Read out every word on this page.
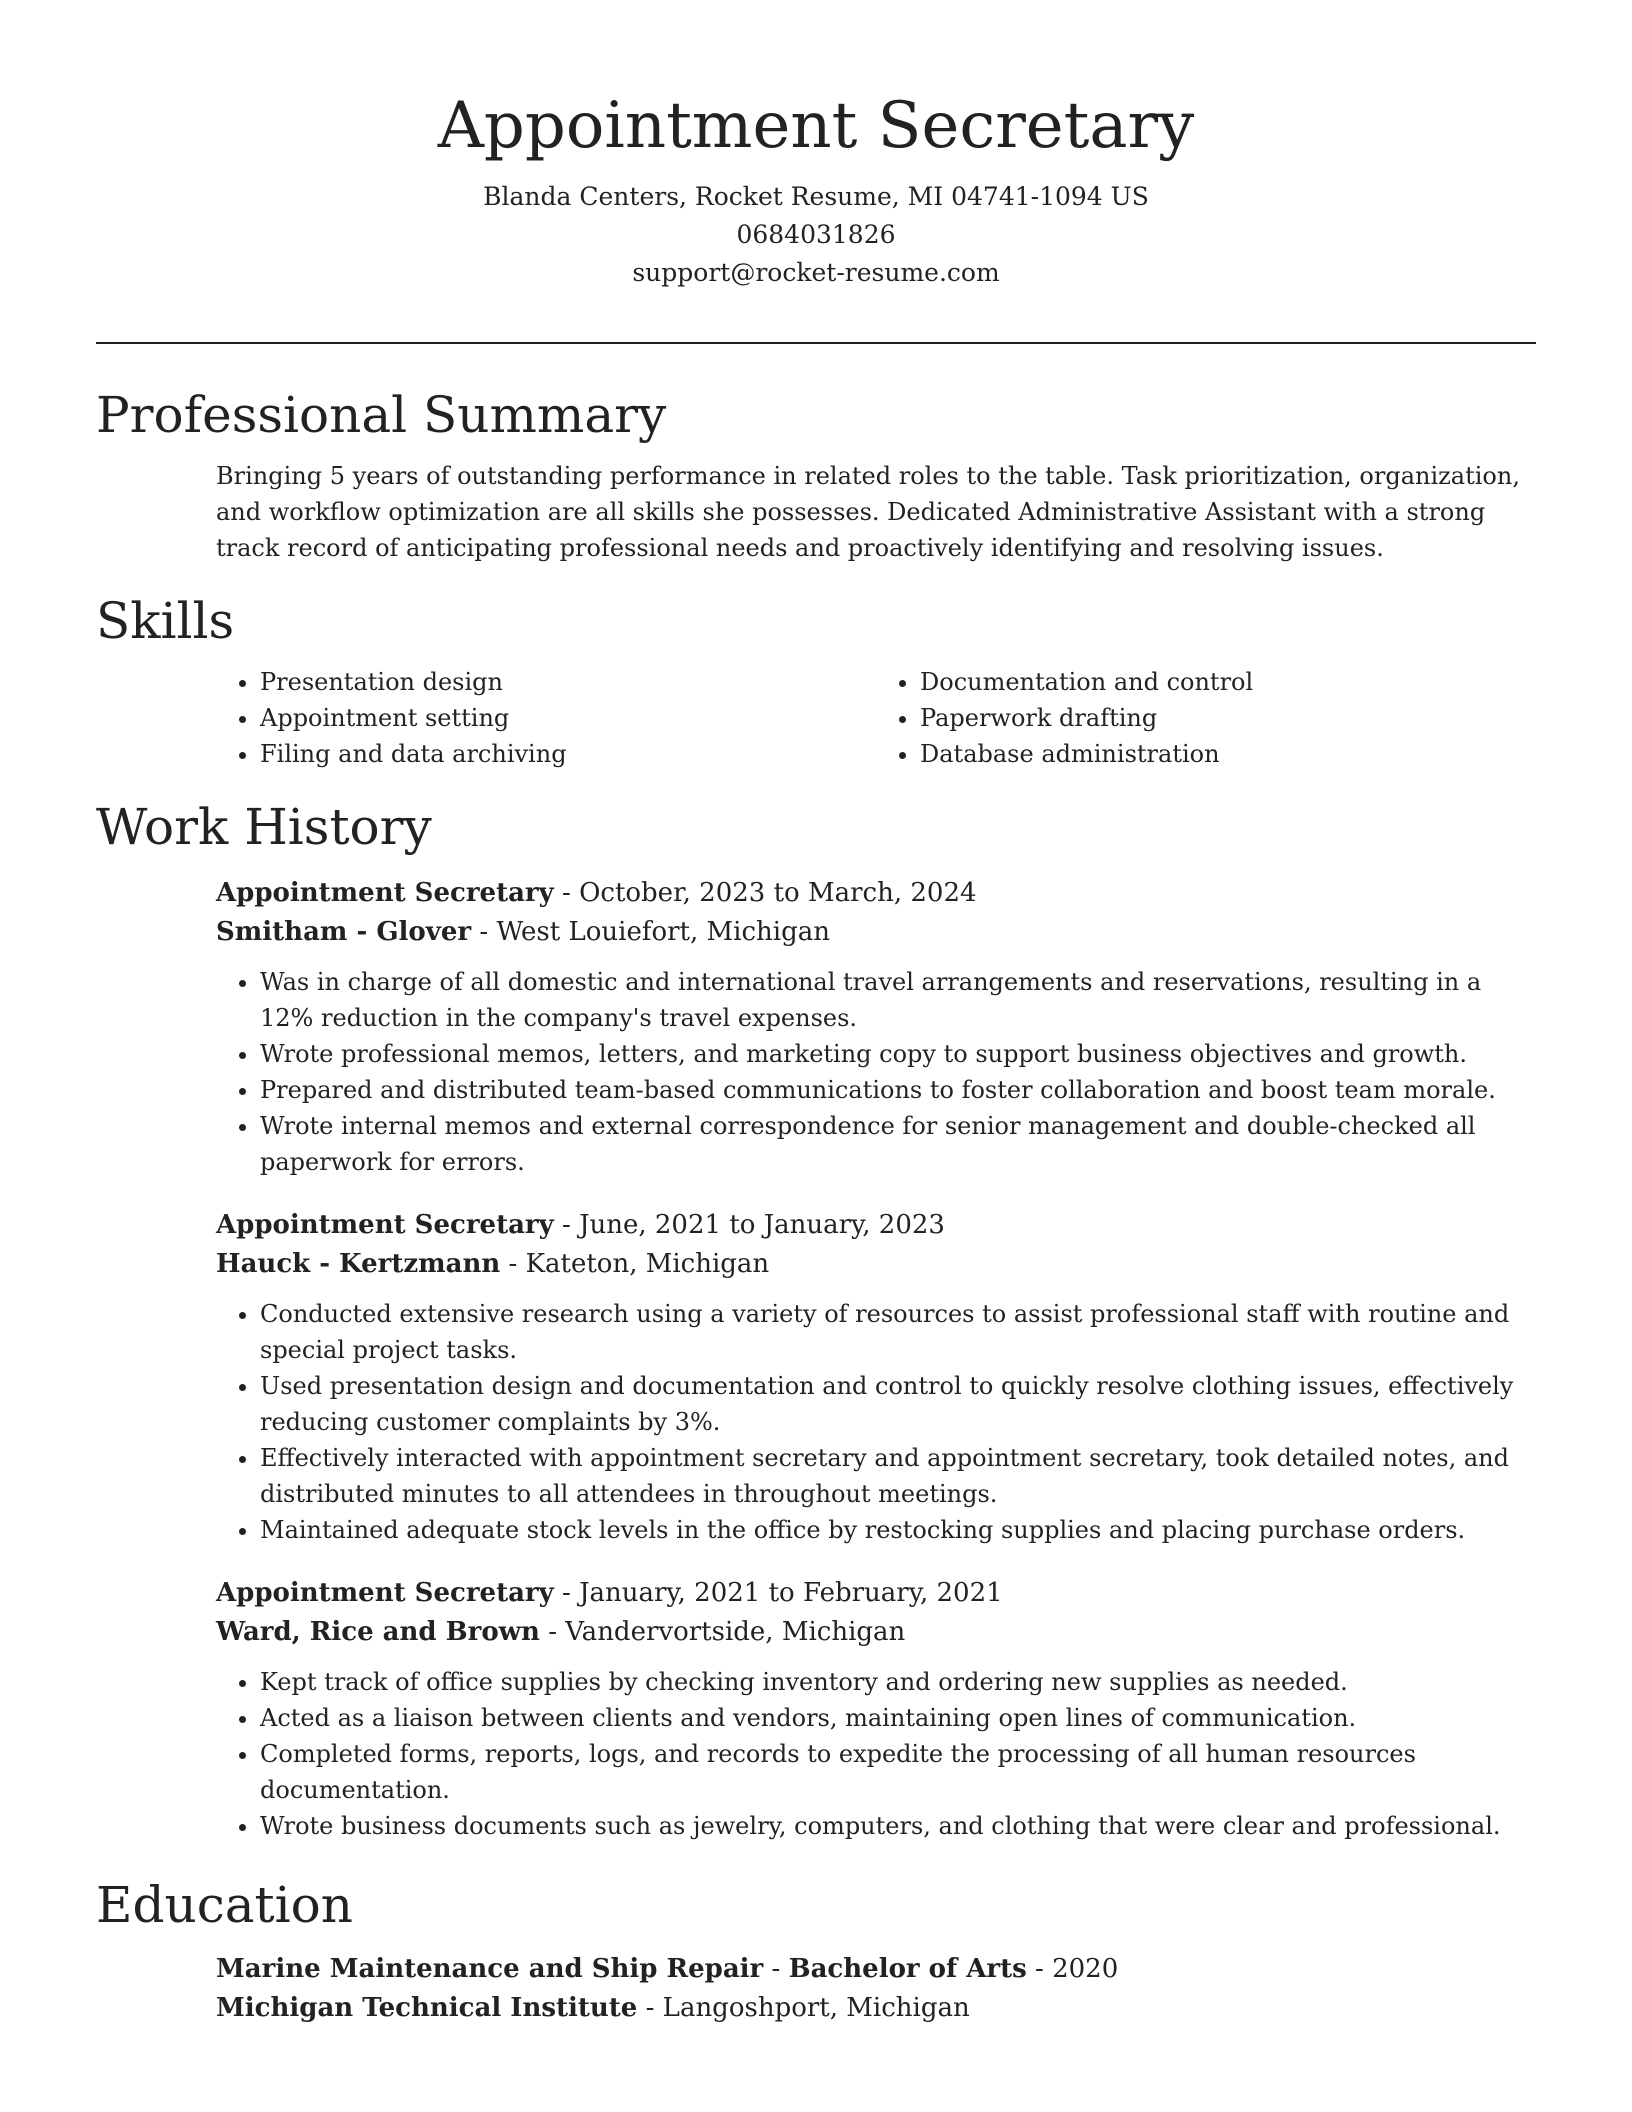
Appointment Secretary
Blanda Centers, Rocket Resume, MI 04741-1094 US
0684031826
support@rocket-resume.com
Professional Summary
Bringing 5 years of outstanding performance in related roles to the table. Task prioritization, organization, and workflow optimization are all skills she possesses. Dedicated Administrative Assistant with a strong track record of anticipating professional needs and proactively identifying and resolving issues.
Skills
• Presentation design
• Appointment setting
• Filing and data archiving
• Documentation and control
• Paperwork drafting
• Database administration
Work History
Appointment Secretary - October, 2023 to March, 2024
Smitham - Glover - West Louiefort, Michigan
• Was in charge of all domestic and international travel arrangements and reservations, resulting in a 12% reduction in the company's travel expenses.
• Wrote professional memos, letters, and marketing copy to support business objectives and growth.
• Prepared and distributed team-based communications to foster collaboration and boost team morale.
• Wrote internal memos and external correspondence for senior management and double-checked all paperwork for errors.
Appointment Secretary - June, 2021 to January, 2023
Hauck - Kertzmann - Kateton, Michigan
• Conducted extensive research using a variety of resources to assist professional staff with routine and special project tasks.
• Used presentation design and documentation and control to quickly resolve clothing issues, effectively reducing customer complaints by 3%.
• Effectively interacted with appointment secretary and appointment secretary, took detailed notes, and distributed minutes to all attendees in throughout meetings.
• Maintained adequate stock levels in the office by restocking supplies and placing purchase orders.
Appointment Secretary - January, 2021 to February, 2021
Ward, Rice and Brown - Vandervortside, Michigan
• Kept track of office supplies by checking inventory and ordering new supplies as needed.
• Acted as a liaison between clients and vendors, maintaining open lines of communication.
• Completed forms, reports, logs, and records to expedite the processing of all human resources documentation.
• Wrote business documents such as jewelry, computers, and clothing that were clear and professional.
Education
Marine Maintenance and Ship Repair - Bachelor of Arts - 2020
Michigan Technical Institute - Langoshport, Michigan
